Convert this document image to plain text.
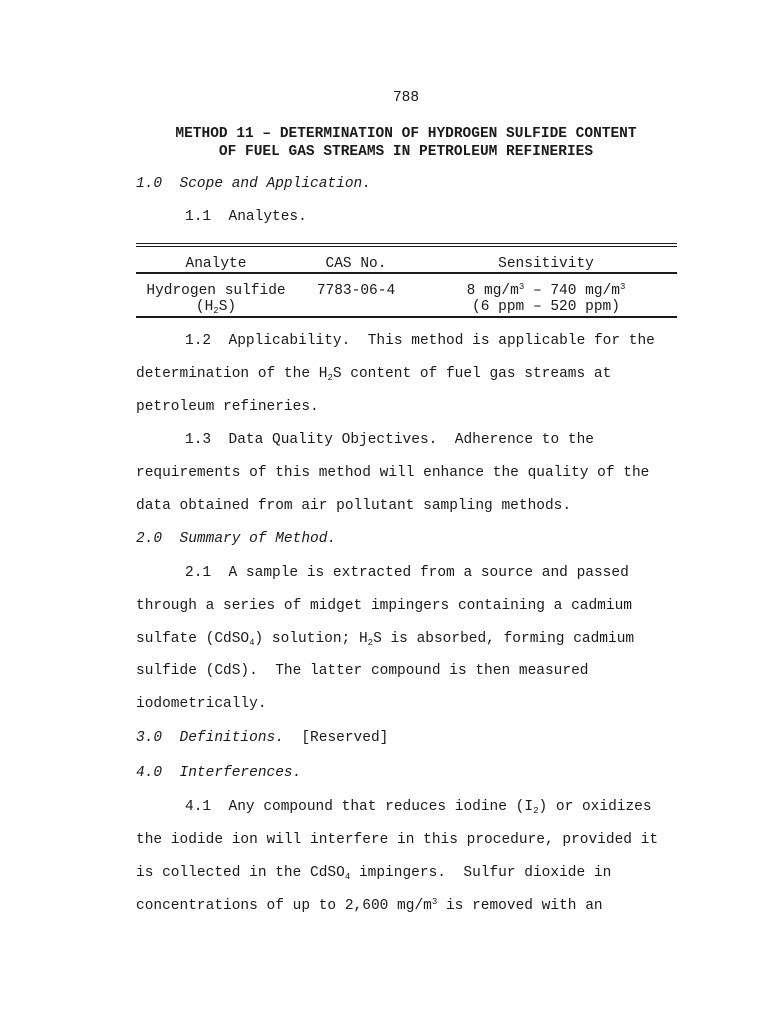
788
METHOD 11 – DETERMINATION OF HYDROGEN SULFIDE CONTENT
OF FUEL GAS STREAMS IN PETROLEUM REFINERIES
1.0  Scope and Application.
1.1  Analytes.
Analyte	CAS No.	Sensitivity
Hydrogen sulfide
$(H_2S)$
7783-06-4	8 $mg/m^3 - 740$ $mg/m^3$
(6 ppm – 520 ppm)
1.2  Applicability.  This method is applicable for the
determination of the $H_2S$ content of fuel gas streams at
petroleum refineries.
1.3  Data Quality Objectives.  Adherence to the
requirements of this method will enhance the quality of the
data obtained from air pollutant sampling methods.
2.0  Summary of Method.
2.1  A sample is extracted from a source and passed
through a series of midget impingers containing a cadmium
sulfate (CdSO$_4$) solution; $H_2S$ is absorbed, forming cadmium
sulfide (CdS).  The latter compound is then measured
iodometrically.
3.0  Definitions.  [Reserved]
4.0  Interferences.
4.1  Any compound that reduces iodine $(I_2)$ or oxidizes
the iodide ion will interfere in this procedure, provided it
is collected in the CdSO$_4$ impingers.  Sulfur dioxide in
concentrations of up to 2,600 $mg/m^3$ is removed with an
